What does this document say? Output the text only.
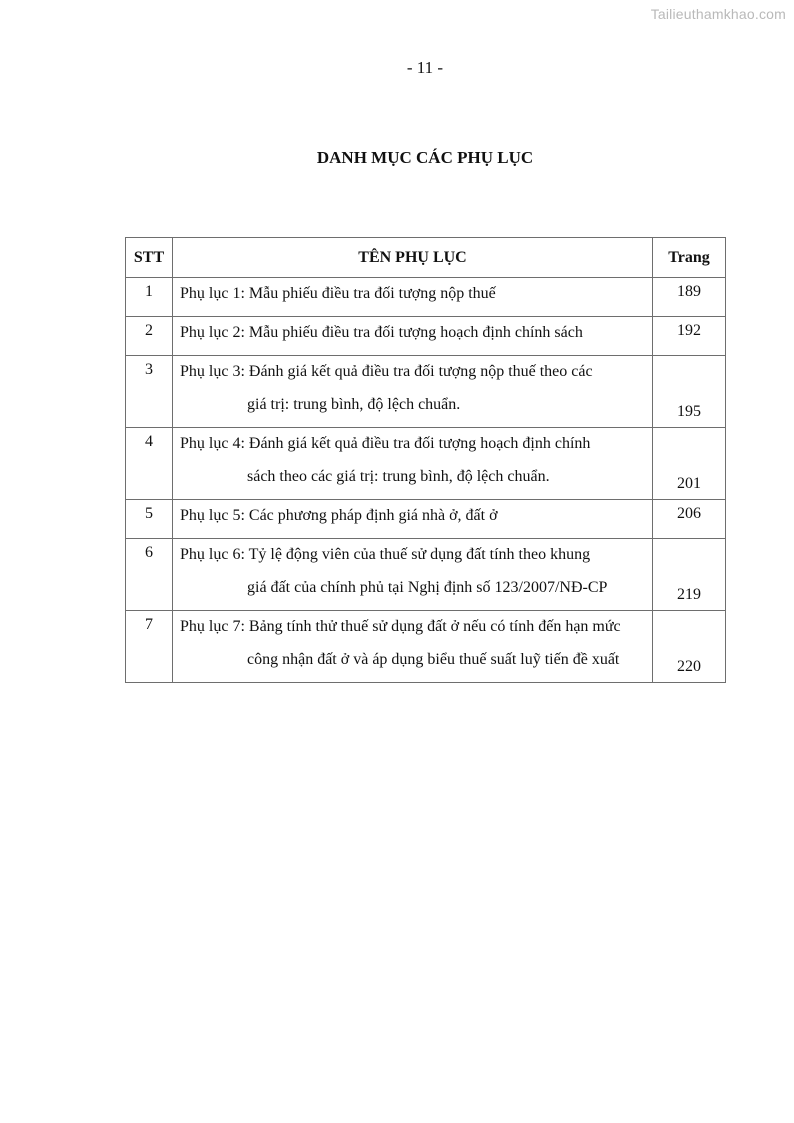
Tailieuthamkhao.com
- 11 -
DANH MỤC CÁC PHỤ LỤC
STT	TÊN PHỤ LỤC	Trang
1	Phụ lục 1: Mẫu phiếu điều tra đối tượng nộp thuế	189
2	Phụ lục 2: Mẫu phiếu điều tra đối tượng hoạch định chính sách	192
3	Phụ lục 3: Đánh giá kết quả điều tra đối tượng nộp thuế theo các
giá trị: trung bình, độ lệch chuẩn.	195
4	Phụ lục 4: Đánh giá kết quả điều tra đối tượng hoạch định chính
sách theo các giá trị: trung bình, độ lệch chuẩn.	201
5	Phụ lục 5: Các phương pháp định giá nhà ở, đất ở	206
6	Phụ lục 6: Tỷ lệ động viên của thuế sử dụng đất tính theo khung
giá đất của chính phủ tại Nghị định số 123/2007/NĐ-CP	219
7	Phụ lục 7: Bảng tính thử thuế sử dụng đất ở nếu có tính đến hạn mức
công nhận đất ở và áp dụng biểu thuế suất luỹ tiến đề xuất	220
